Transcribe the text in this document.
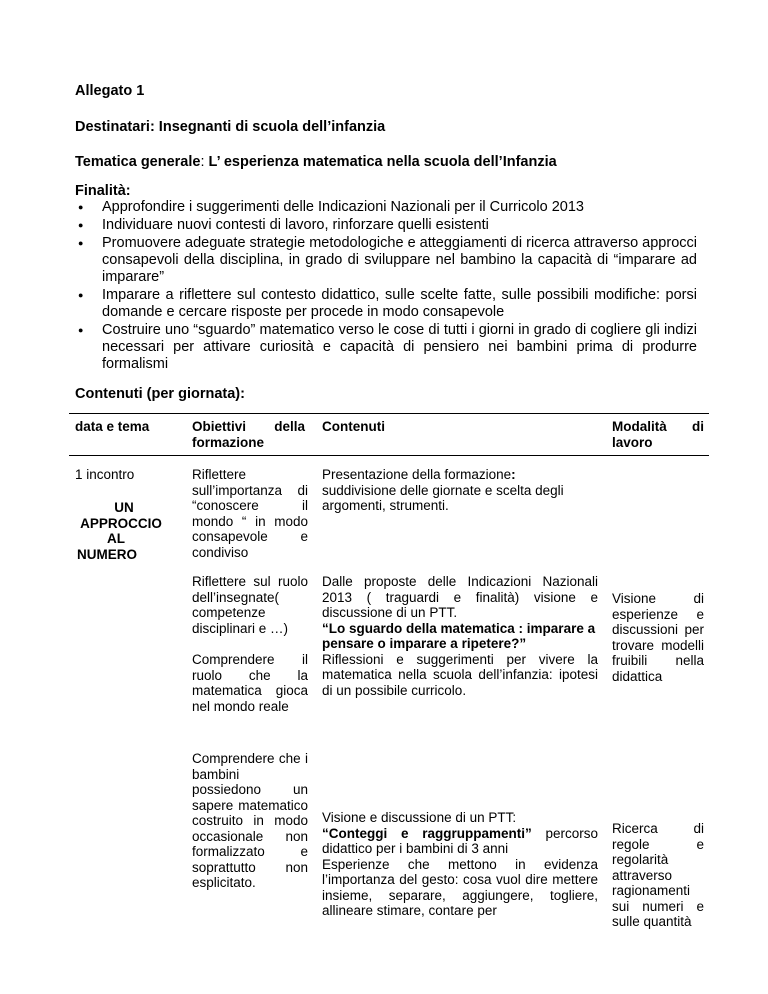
Allegato 1
Destinatari: Insegnanti di scuola dell’infanzia
Tematica generale: L’ esperienza matematica nella scuola dell’Infanzia
Finalità:
● Approfondire i suggerimenti delle Indicazioni Nazionali per il Curricolo 2013
● Individuare nuovi contesti di lavoro, rinforzare quelli esistenti
● Promuovere adeguate strategie metodologiche e atteggiamenti di ricerca attraverso approcci consapevoli della disciplina, in grado di sviluppare nel bambino la capacità di “imparare ad imparare”
● Imparare a riflettere sul contesto didattico, sulle scelte fatte, sulle possibili modifiche: porsi domande e cercare risposte per procede in modo consapevole
● Costruire uno “sguardo” matematico verso le cose di tutti i giorni in grado di cogliere gli indizi necessari per attivare curiosità e capacità di pensiero nei bambini prima di produrre formalismi
Contenuti (per giornata):
data e tema	Obiettivi della
formazione
Contenuti	Modalità di
lavoro
1 incontro
UN
APPROCCIO
AL
NUMERO
Riflettere sull’importanza di “conoscere il mondo “ in modo consapevole e condiviso
Presentazione della formazione: suddivisione delle giornate e scelta degli argomenti, strumenti.
Riflettere sul ruolo dell’insegnate( competenze disciplinari e …)
Comprendere il ruolo che la matematica gioca nel mondo reale
Dalle proposte delle Indicazioni Nazionali 2013 ( traguardi e finalità) visione e discussione di un PTT.
“Lo sguardo della matematica : imparare a pensare o imparare a ripetere?”
Riflessioni e suggerimenti per vivere la matematica nella scuola dell’infanzia: ipotesi di un possibile curricolo.
Visione di esperienze e discussioni per trovare modelli fruibili nella didattica
Comprendere che i bambini possiedono un sapere matematico costruito in modo occasionale non formalizzato e soprattutto non esplicitato.
Visione e discussione di un PTT:
“Conteggi e raggruppamenti” percorso didattico per i bambini di 3 anni
Esperienze che mettono in evidenza l’importanza del gesto: cosa vuol dire mettere insieme, separare, aggiungere, togliere, allineare stimare, contare per
Ricerca di regole e regolarità attraverso ragionamenti sui numeri e sulle quantità
